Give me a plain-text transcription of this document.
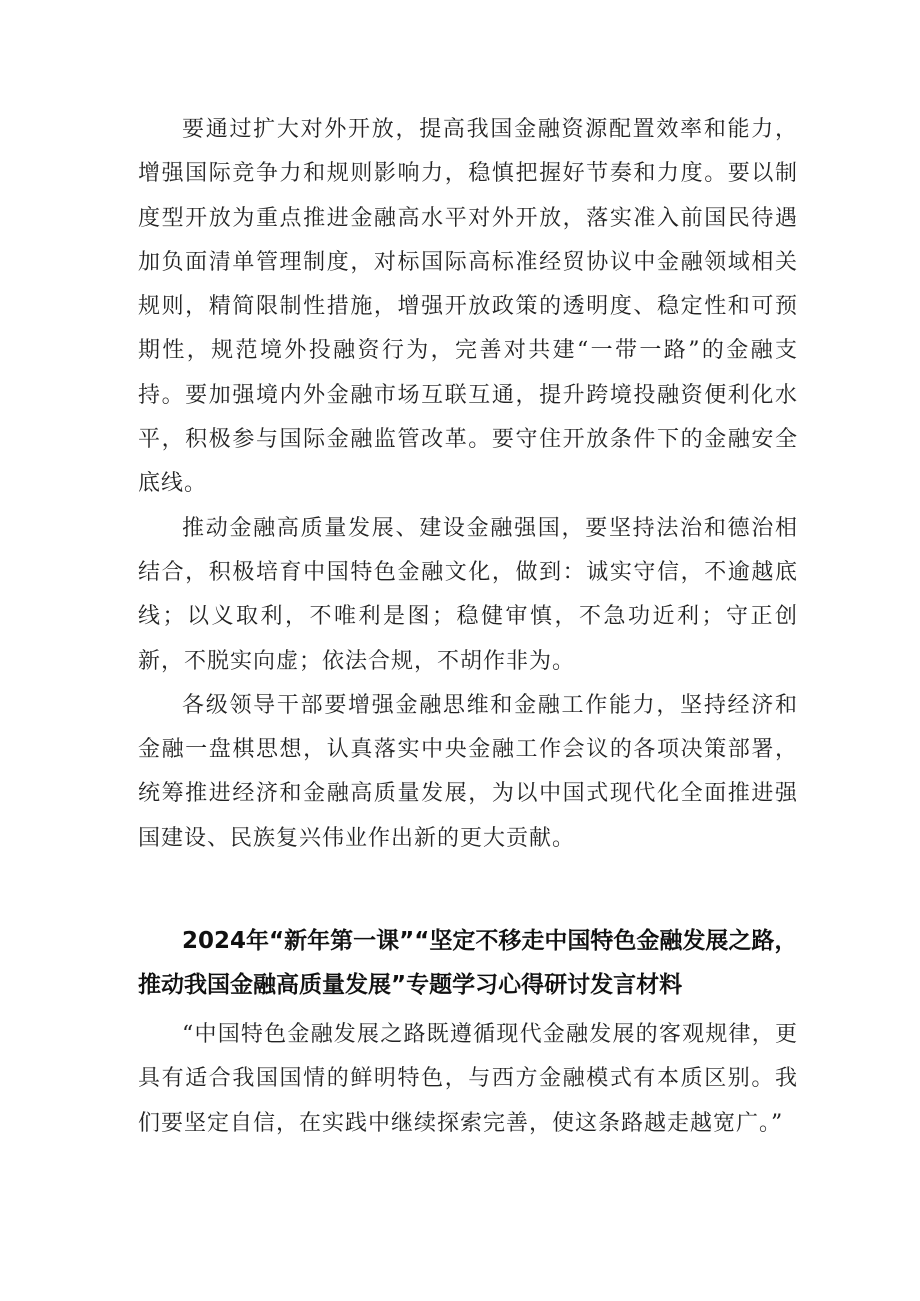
要通过扩大对外开放，提高我国金融资源配置效率和能力，增强国际竞争力和规则影响力，稳慎把握好节奏和力度。要以制度型开放为重点推进金融高水平对外开放，落实准入前国民待遇加负面清单管理制度，对标国际高标准经贸协议中金融领域相关规则，精简限制性措施，增强开放政策的透明度、稳定性和可预期性，规范境外投融资行为，完善对共建“一带一路”的金融支持。要加强境内外金融市场互联互通，提升跨境投融资便利化水平，积极参与国际金融监管改革。要守住开放条件下的金融安全底线。

推动金融高质量发展、建设金融强国，要坚持法治和德治相结合，积极培育中国特色金融文化，做到：诚实守信，不逾越底线；以义取利，不唯利是图；稳健审慎，不急功近利；守正创新，不脱实向虚；依法合规，不胡作非为。

各级领导干部要增强金融思维和金融工作能力，坚持经济和金融一盘棋思想，认真落实中央金融工作会议的各项决策部署，统筹推进经济和金融高质量发展，为以中国式现代化全面推进强国建设、民族复兴伟业作出新的更大贡献。

2024年“新年第一课”“坚定不移走中国特色金融发展之路，
推动我国金融高质量发展”专题学习心得研讨发言材料

“中国特色金融发展之路既遵循现代金融发展的客观规律，更具有适合我国国情的鲜明特色，与西方金融模式有本质区别。我们要坚定自信，在实践中继续探索完善，使这条路越走越宽广。”
